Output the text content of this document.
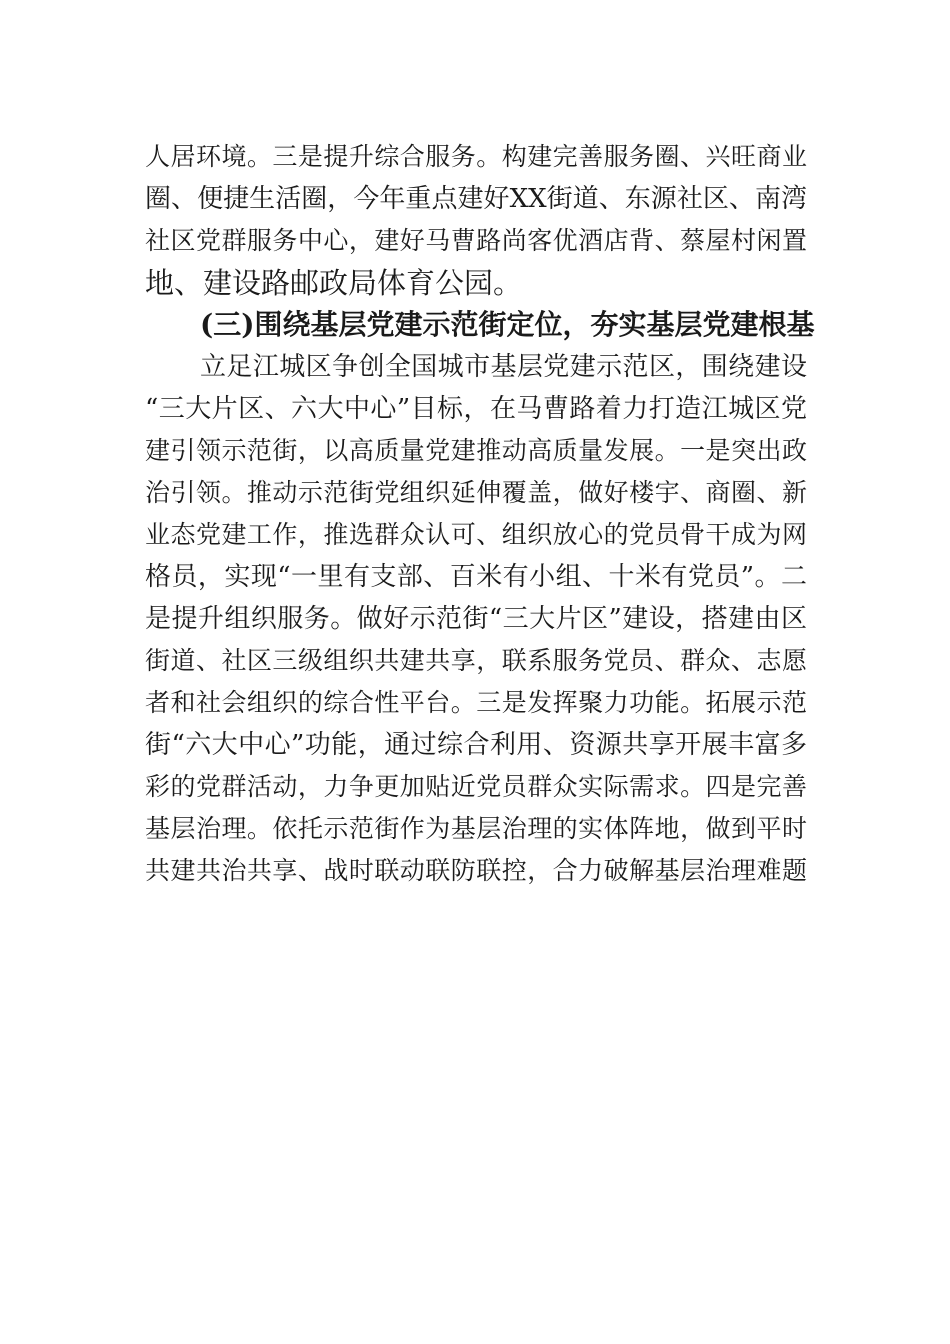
人居环境。三是提升综合服务。构建完善服务圈、兴旺商业
圈、便捷生活圈，今年重点建好XX街道、东源社区、南湾
社区党群服务中心，建好马曹路尚客优酒店背、蔡屋村闲置
地、建设路邮政局体育公园。
(三)围绕基层党建示范街定位，夯实基层党建根基
立足江城区争创全国城市基层党建示范区，围绕建设
“三大片区、六大中心”目标，在马曹路着力打造江城区党
建引领示范街，以高质量党建推动高质量发展。一是突出政
治引领。推动示范街党组织延伸覆盖，做好楼宇、商圈、新
业态党建工作，推选群众认可、组织放心的党员骨干成为网
格员，实现“一里有支部、百米有小组、十米有党员”。二
是提升组织服务。做好示范街“三大片区”建设，搭建由区
街道、社区三级组织共建共享，联系服务党员、群众、志愿
者和社会组织的综合性平台。三是发挥聚力功能。拓展示范
街“六大中心”功能，通过综合利用、资源共享开展丰富多
彩的党群活动，力争更加贴近党员群众实际需求。四是完善
基层治理。依托示范街作为基层治理的实体阵地，做到平时
共建共治共享、战时联动联防联控，合力破解基层治理难题
